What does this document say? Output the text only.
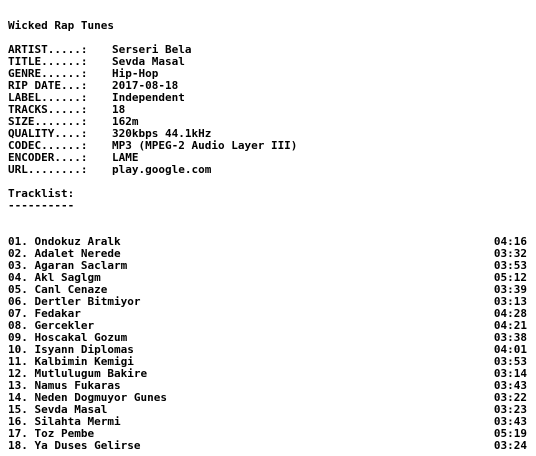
Wicked Rap Tunes
ARTIST.....:	Serseri Bela
TITLE......:	Sevda Masal
GENRE......:	Hip-Hop
RIP DATE...:	2017-08-18
LABEL......:	Independent
TRACKS.....:	18
SIZE.......:	162m
QUALITY....:	320kbps 44.1kHz
CODEC......:	MP3 (MPEG-2 Audio Layer III)
ENCODER....:	LAME
URL........:	play.google.com
Tracklist:
----------
01. Ondokuz Aralk	04:16
02. Adalet Nerede	03:32
03. Agaran Saclarm	03:53
04. Akl Saglgm	05:12
05. Canl Cenaze	03:39
06. Dertler Bitmiyor	03:13
07. Fedakar	04:28
08. Gercekler	04:21
09. Hoscakal Gozum	03:38
10. Isyann Diplomas	04:01
11. Kalbimin Kemigi	03:53
12. Mutlulugum Bakire	03:14
13. Namus Fukaras	03:43
14. Neden Dogmuyor Gunes	03:22
15. Sevda Masal	03:23
16. Silahta Mermi	03:43
17. Toz Pembe	05:19
18. Ya Duses Gelirse	03:24
